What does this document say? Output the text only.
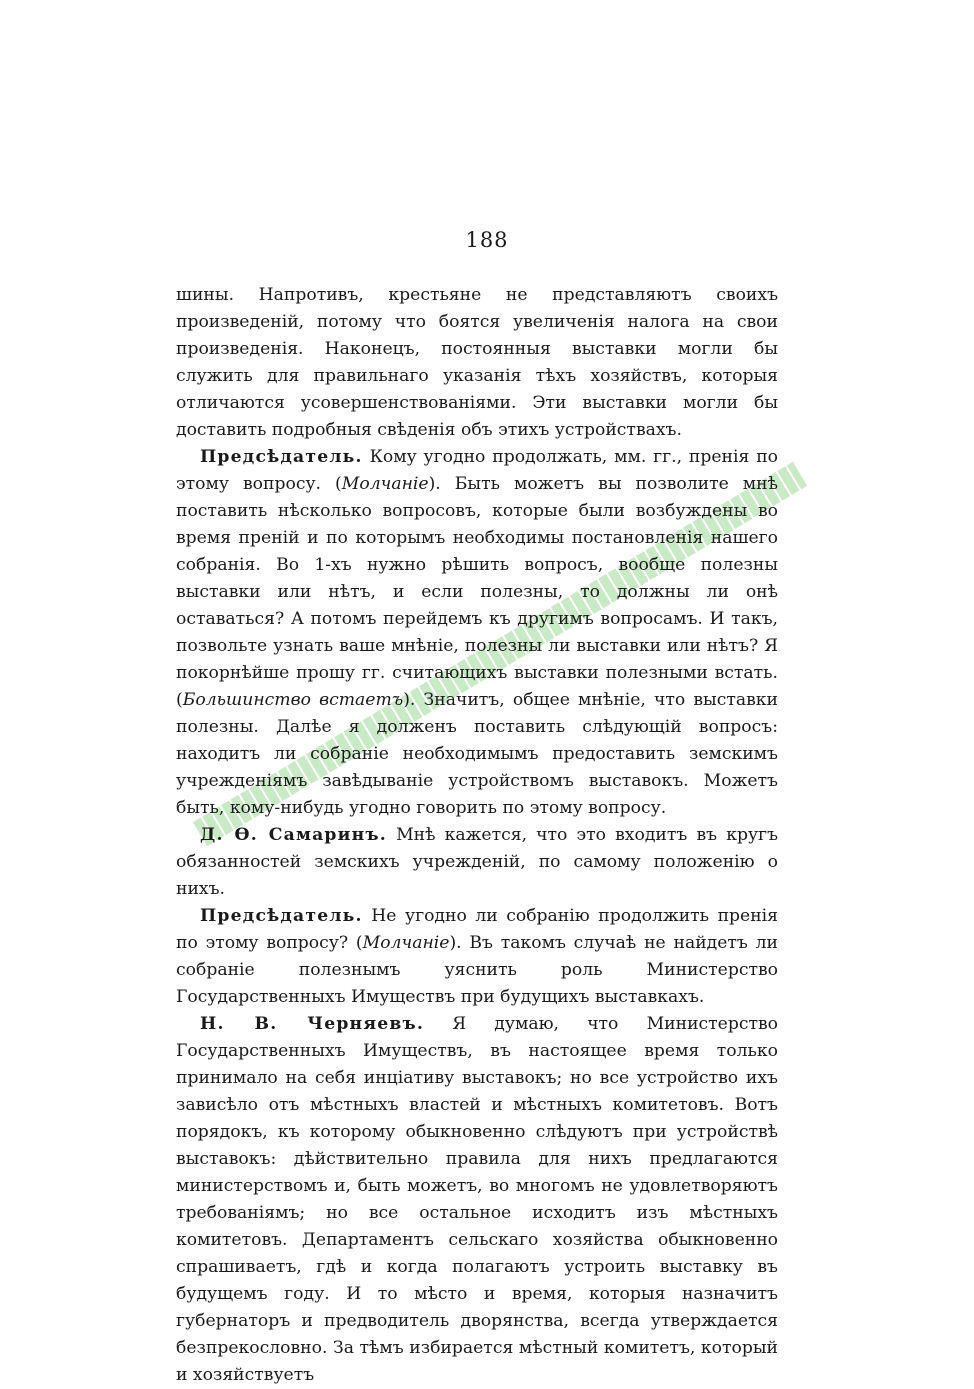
188

шины. Напротивъ, крестьяне не представляютъ своихъ произведеній, потому что боятся увеличенія налога на свои произведенія. Наконецъ, постоянныя выставки могли бы служить для правильнаго указанія тѣхъ хозяйствъ, которыя отличаются усовершенствованіями. Эти выставки могли бы доставить подробныя свѣденія объ этихъ устройствахъ.

Предсѣдатель. Кому угодно продолжать, мм. гг., пренія по этому вопросу. (Молчаніе). Быть можетъ вы позволите мнѣ поставить нѣсколько вопросовъ, которые были возбуждены во время преній и по которымъ необходимы постановленія нашего собранія. Во 1-хъ нужно рѣшить вопросъ, вообще полезны выставки или нѣтъ, и если полезны, то должны ли онѣ оставаться? А потомъ перейдемъ къ другимъ вопросамъ. И такъ, позвольте узнать ваше мнѣніе, полезны ли выставки или нѣтъ? Я покорнѣйше прошу гг. считающихъ выставки полезными встать. (Большинство встаетъ). Значитъ, общее мнѣніе, что выставки полезны. Далѣе я долженъ поставить слѣдующій вопросъ: находитъ ли собраніе необходимымъ предоставить земскимъ учрежденіямъ завѣдываніе устройствомъ выставокъ. Можетъ быть, кому-нибудь угодно говорить по этому вопросу.

Д. Ѳ. Самаринъ. Мнѣ кажется, что это входитъ въ кругъ обязанностей земскихъ учрежденій, по самому положенію о нихъ.

Предсѣдатель. Не угодно ли собранію продолжить пренія по этому вопросу? (Молчаніе). Въ такомъ случаѣ не найдетъ ли собраніе полезнымъ уяснить роль Министерство Государственныхъ Имуществъ при будущихъ выставкахъ.

Н. В. Черняевъ. Я думаю, что Министерство Государственныхъ Имуществъ, въ настоящее время только принимало на себя инціативу выставокъ; но все устройство ихъ зависѣло отъ мѣстныхъ властей и мѣстныхъ комитетовъ. Вотъ порядокъ, къ которому обыкновенно слѣдуютъ при устройствѣ выставокъ: дѣйствительно правила для нихъ предлагаются министерствомъ и, быть можетъ, во многомъ не удовлетворяютъ требованіямъ; но все остальное исходитъ изъ мѣстныхъ комитетовъ. Департаментъ сельскаго хозяйства обыкновенно спрашиваетъ, гдѣ и когда полагаютъ устроить выставку въ будущемъ году. И то мѣсто и время, которыя назначитъ губернаторъ и предводитель дворянства, всегда утверждается безпрекословно. За тѣмъ избирается мѣстный комитетъ, который и хозяйствуетъ
